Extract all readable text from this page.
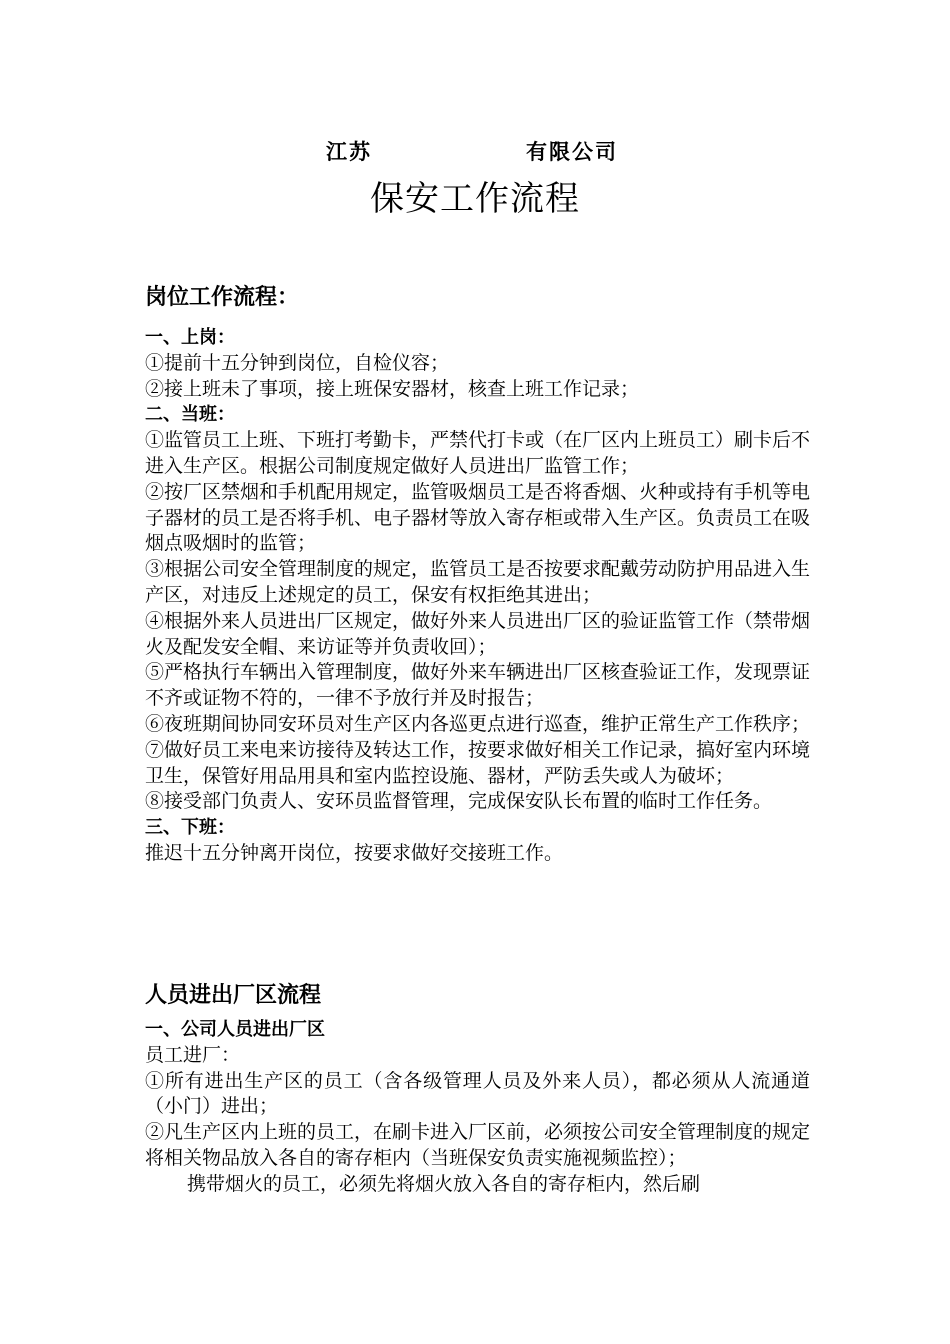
江苏	有限公司
保安工作流程
岗位工作流程：
一、上岗：
①提前十五分钟到岗位，自检仪容；
②接上班未了事项，接上班保安器材，核查上班工作记录；
二、当班：
①监管员工上班、下班打考勤卡，严禁代打卡或（在厂区内上班员工）刷卡后不进入生产区。根据公司制度规定做好人员进出厂监管工作；
②按厂区禁烟和手机配用规定，监管吸烟员工是否将香烟、火种或持有手机等电子器材的员工是否将手机、电子器材等放入寄存柜或带入生产区。负责员工在吸烟点吸烟时的监管；
③根据公司安全管理制度的规定，监管员工是否按要求配戴劳动防护用品进入生产区，对违反上述规定的员工，保安有权拒绝其进出；
④根据外来人员进出厂区规定，做好外来人员进出厂区的验证监管工作（禁带烟火及配发安全帽、来访证等并负责收回）；
⑤严格执行车辆出入管理制度，做好外来车辆进出厂区核查验证工作，发现票证不齐或证物不符的，一律不予放行并及时报告；
⑥夜班期间协同安环员对生产区内各巡更点进行巡查，维护正常生产工作秩序；
⑦做好员工来电来访接待及转达工作，按要求做好相关工作记录，搞好室内环境卫生，保管好用品用具和室内监控设施、器材，严防丢失或人为破坏；
⑧接受部门负责人、安环员监督管理，完成保安队长布置的临时工作任务。
三、下班：
推迟十五分钟离开岗位，按要求做好交接班工作。
人员进出厂区流程
一、公司人员进出厂区
员工进厂：
①所有进出生产区的员工（含各级管理人员及外来人员），都必须从人流通道（小门）进出；
②凡生产区内上班的员工，在刷卡进入厂区前，必须按公司安全管理制度的规定将相关物品放入各自的寄存柜内（当班保安负责实施视频监控）；
携带烟火的员工，必须先将烟火放入各自的寄存柜内，然后刷
